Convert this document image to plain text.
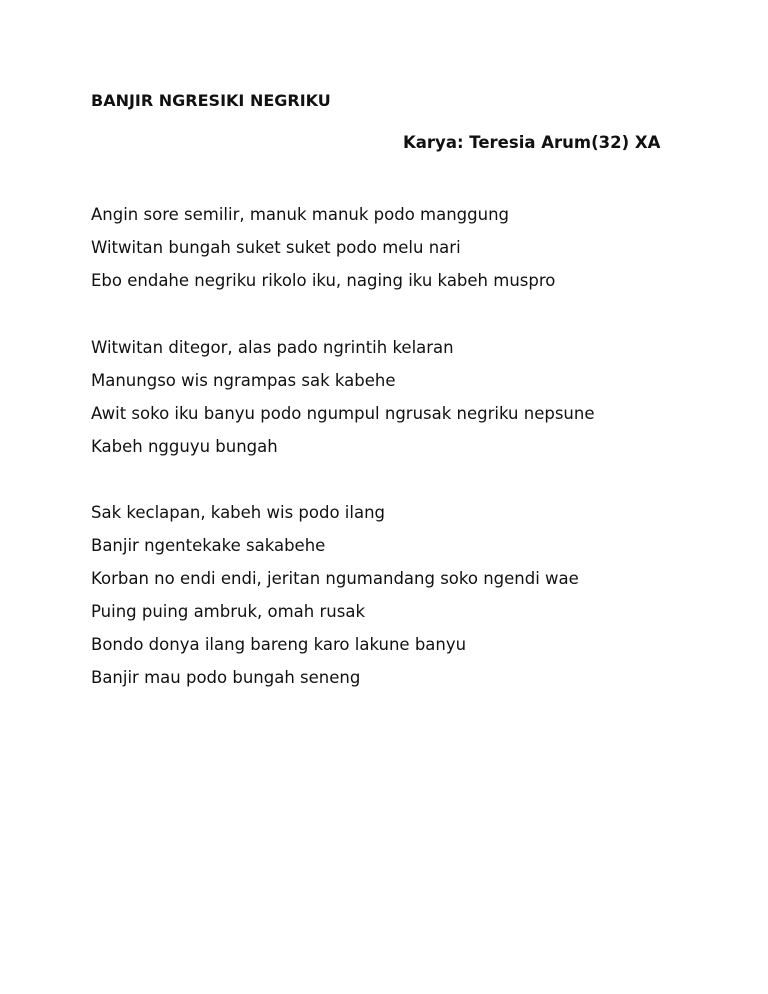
BANJIR NGRESIKI NEGRIKU
Karya: Teresia Arum(32) XA
Angin sore semilir, manuk manuk podo manggung
Witwitan bungah suket suket podo melu nari
Ebo endahe negriku rikolo iku, naging iku kabeh muspro
Witwitan ditegor, alas pado ngrintih kelaran
Manungso wis ngrampas sak kabehe
Awit soko iku banyu podo ngumpul ngrusak negriku nepsune
Kabeh ngguyu bungah
Sak keclapan, kabeh wis podo ilang
Banjir ngentekake sakabehe
Korban no endi endi, jeritan ngumandang soko ngendi wae
Puing puing ambruk, omah rusak
Bondo donya ilang bareng karo lakune banyu
Banjir mau podo bungah seneng
